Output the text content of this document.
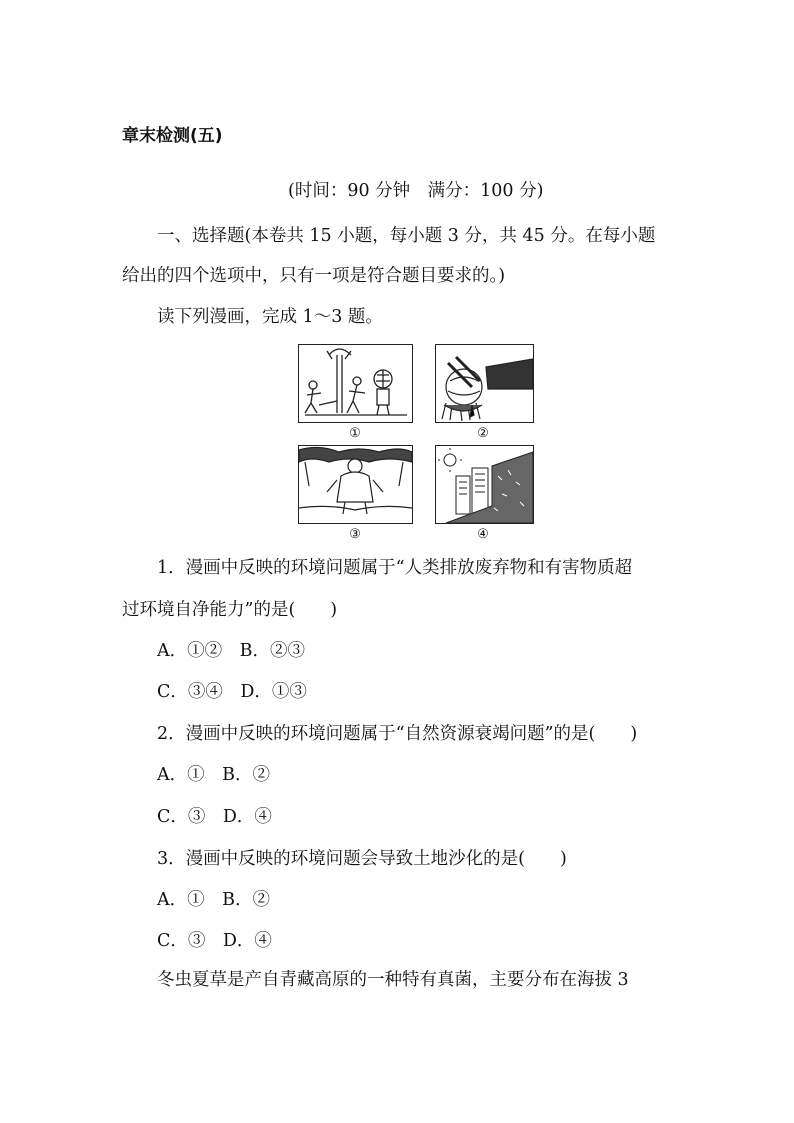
章末检测(五)
(时间：90 分钟　满分：100 分)
一、选择题(本卷共 15 小题，每小题 3 分，共 45 分。在每小题
给出的四个选项中，只有一项是符合题目要求的。)
读下列漫画，完成 1～3 题。
①	②
③	④
1．漫画中反映的环境问题属于“人类排放废弃物和有害物质超
过环境自净能力”的是(　　)
A．①②　B．②③
C．③④　D．①③
2．漫画中反映的环境问题属于“自然资源衰竭问题”的是(　　)
A．①　B．②
C．③　D．④
3．漫画中反映的环境问题会导致土地沙化的是(　　)
A．①　B．②
C．③　D．④
冬虫夏草是产自青藏高原的一种特有真菌，主要分布在海拔 3
